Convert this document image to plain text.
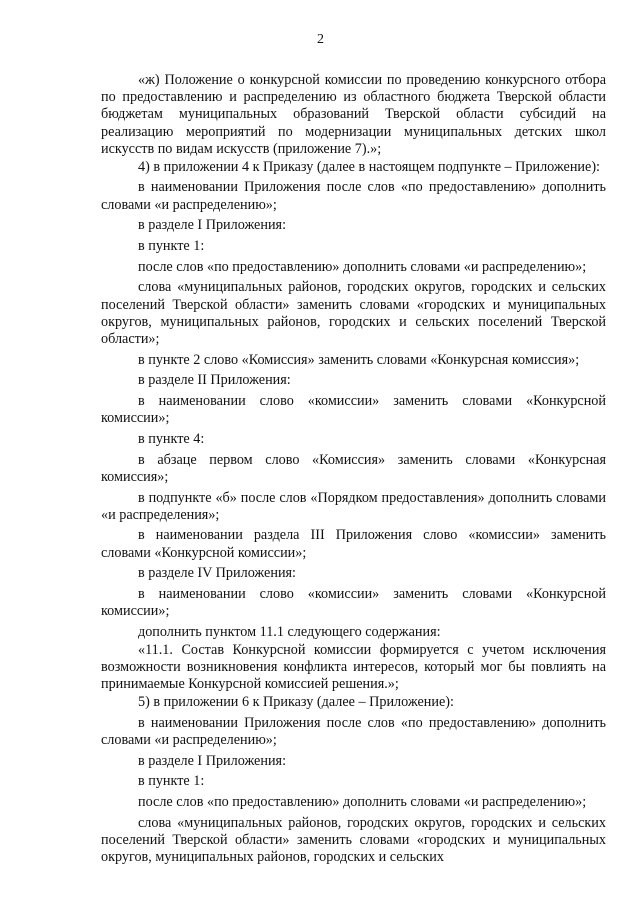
2

«ж) Положение о конкурсной комиссии по проведению конкурсного отбора по предоставлению и распределению из областного бюджета Тверской области бюджетам муниципальных образований Тверской области субсидий на реализацию мероприятий по модернизации муниципальных детских школ искусств по видам искусств (приложение 7).»;

4) в приложении 4 к Приказу (далее в настоящем подпункте – Приложение):

в наименовании Приложения после слов «по предоставлению» дополнить словами «и распределению»;

в разделе I Приложения:

в пункте 1:

после слов «по предоставлению» дополнить словами «и распределению»;

слова «муниципальных районов, городских округов, городских и сельских поселений Тверской области» заменить словами «городских и муниципальных округов, муниципальных районов, городских и сельских поселений Тверской области»;

в пункте 2 слово «Комиссия» заменить словами «Конкурсная комиссия»;

в разделе II Приложения:

в наименовании слово «комиссии» заменить словами «Конкурсной комиссии»;

в пункте 4:

в абзаце первом слово «Комиссия» заменить словами «Конкурсная комиссия»;

в подпункте «б» после слов «Порядком предоставления» дополнить словами «и распределения»;

в наименовании раздела III Приложения слово «комиссии» заменить словами «Конкурсной комиссии»;

в разделе IV Приложения:

в наименовании слово «комиссии» заменить словами «Конкурсной комиссии»;

дополнить пунктом 11.1 следующего содержания:

«11.1. Состав Конкурсной комиссии формируется с учетом исключения возможности возникновения конфликта интересов, который мог бы повлиять на принимаемые Конкурсной комиссией решения.»;

5) в приложении 6 к Приказу (далее – Приложение):

в наименовании Приложения после слов «по предоставлению» дополнить словами «и распределению»;

в разделе I Приложения:

в пункте 1:

после слов «по предоставлению» дополнить словами «и распределению»;

слова «муниципальных районов, городских округов, городских и сельских поселений Тверской области» заменить словами «городских и муниципальных округов, муниципальных районов, городских и сельских
